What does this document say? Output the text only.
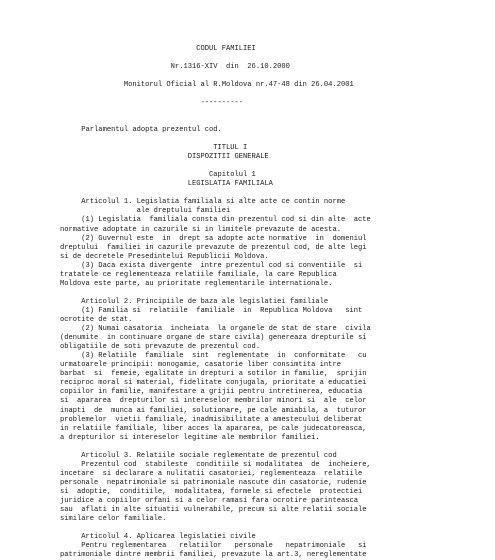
CODUL FAMILIEI
Nr.1316-XIV  din  26.10.2000
Monitorul Oficial al R.Moldova nr.47-48 din 26.04.2001
----------
Parlamentul adopta prezentul cod.
TITLUL I
DISPOZITII GENERALE
Capitolul 1
LEGISLATIA FAMILIALA
Articolul 1. Legislatia familiala si alte acte ce contin norme
ale dreptului familiei
(1) Legislatia  familiala consta din prezentul cod si din alte  acte
normative adoptate in cazurile si in limitele prevazute de acesta.
(2) Guvernul este  in  drept sa adopte acte normative  in  domeniul
dreptului  familiei in cazurile prevazute de prezentul cod, de alte legi
si de decretele Presedintelui Republicii Moldova.
(3) Daca exista divergente  intre prezentul cod si conventiile  si
tratatele ce reglementeaza relatiile familiale, la care Republica
Moldova este parte, au prioritate reglementarile internationale.
Articolul 2. Principiile de baza ale legislatiei familiale
(1) Familia si  relatiile  familiale  in  Republica Moldova   sint
ocrotite de stat.
(2) Numai casatoria  incheiata  la organele de stat de stare  civila
(denumite  in continuare organe de stare civila) genereaza drepturile si
obligatiile de soti prevazute de prezentul cod.
(3) Relatiile  familiale  sint  reglementate  in  conformitate   cu
urmatoarele principii: monogamie, casatorie liber consimtita intre
barbat  si  femeie, egalitate in drepturi a sotilor in familie,  sprijin
reciproc moral si material, fidelitate conjugala, prioritate a educatiei
copiilor in familie, manifestare a grijii pentru intretinerea, educatia
si  apararea  drepturilor si intereselor membrilor minori si  ale  celor
inapti  de  munca ai familiei, solutionare, pe cale amiabila, a  tuturor
problemelor  vietii familiale, inadmisibilitate a amestecului deliberat
in relatiile familiale, liber acces la apararea, pe cale judecatoreasca,
a drepturilor si intereselor legitime ale membrilor familiei.
Articolul 3. Relatiile sociale reglementate de prezentul cod
Prezentul cod  stabileste  conditiile si modalitatea  de  incheiere,
incetare  si declarare a nulitatii casatoriei, reglementeaza  relatiile
personale  nepatrimoniale si patrimoniale nascute din casatorie, rudenie
si  adoptie,  conditiile,  modalitatea, formele si efectele  protectiei
juridice a copiilor orfani si a celor ramasi fara ocrotire parinteasca
sau  aflati in alte situatii vulnerabile, precum si alte relatii sociale
similare celor familiale.
Articolul 4. Aplicarea legislatiei civile
Pentru reglementarea   relatiilor   personale   nepatrimoniale   si
patrimoniale dintre membrii familiei, prevazute la art.3, nereglementate
